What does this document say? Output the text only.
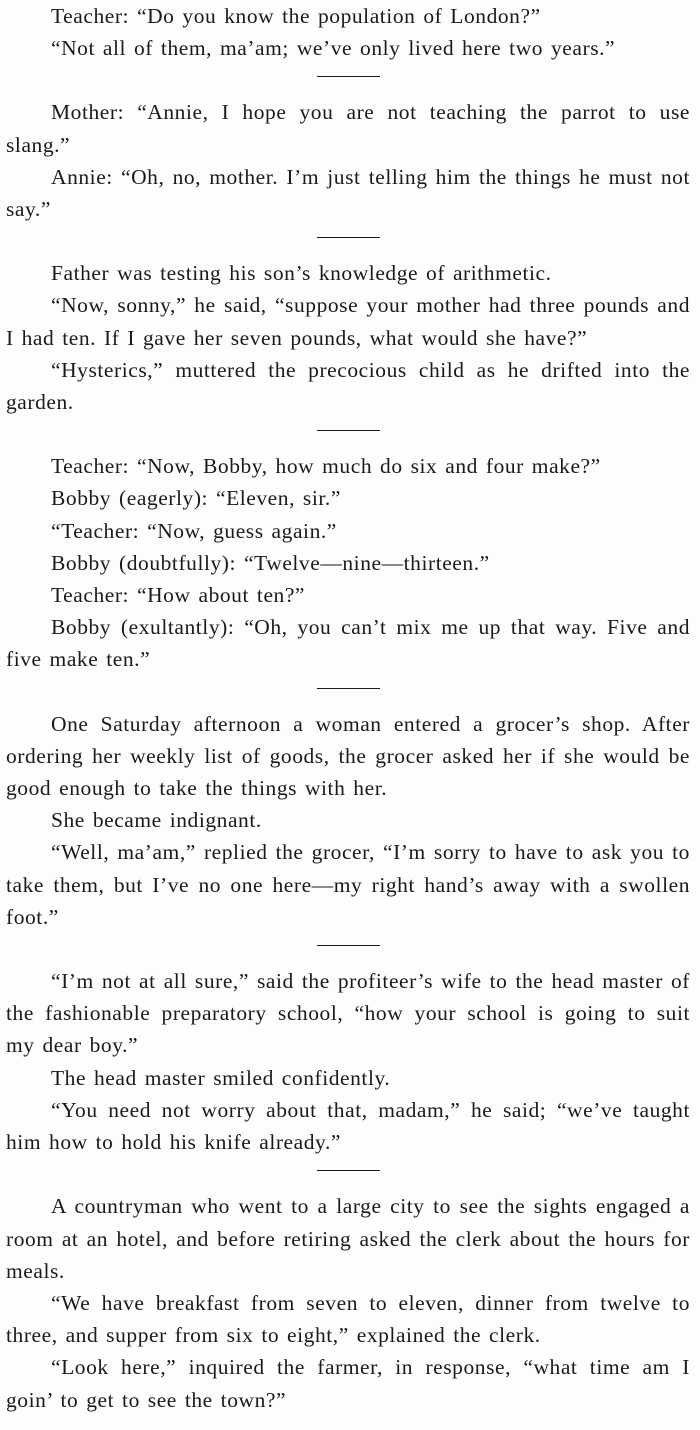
Teacher: “Do you know the population of London?”

“Not all of them, ma’am; we’ve only lived here two years.”

Mother: “Annie, I hope you are not teaching the parrot to use slang.”

Annie: “Oh, no, mother. I’m just telling him the things he must not say.”

Father was testing his son’s knowledge of arithmetic.

“Now, sonny,” he said, “suppose your mother had three pounds and I had ten. If I gave her seven pounds, what would she have?”

“Hysterics,” muttered the precocious child as he drifted into the garden.

Teacher: “Now, Bobby, how much do six and four make?”

Bobby (eagerly): “Eleven, sir.”

“Teacher: “Now, guess again.”

Bobby (doubtfully): “Twelve—nine—thirteen.”

Teacher: “How about ten?”

Bobby (exultantly): “Oh, you can’t mix me up that way. Five and five make ten.”

One Saturday afternoon a woman entered a grocer’s shop. After ordering her weekly list of goods, the grocer asked her if she would be good enough to take the things with her.

She became indignant.

“Well, ma’am,” replied the grocer, “I’m sorry to have to ask you to take them, but I’ve no one here—my right hand’s away with a swollen foot.”

“I’m not at all sure,” said the profiteer’s wife to the head master of the fashionable preparatory school, “how your school is going to suit my dear boy.”

The head master smiled confidently.

“You need not worry about that, madam,” he said; “we’ve taught him how to hold his knife already.”

A countryman who went to a large city to see the sights engaged a room at an hotel, and before retiring asked the clerk about the hours for meals.

“We have breakfast from seven to eleven, dinner from twelve to three, and supper from six to eight,” explained the clerk.

“Look here,” inquired the farmer, in response, “what time am I goin’ to get to see the town?”
